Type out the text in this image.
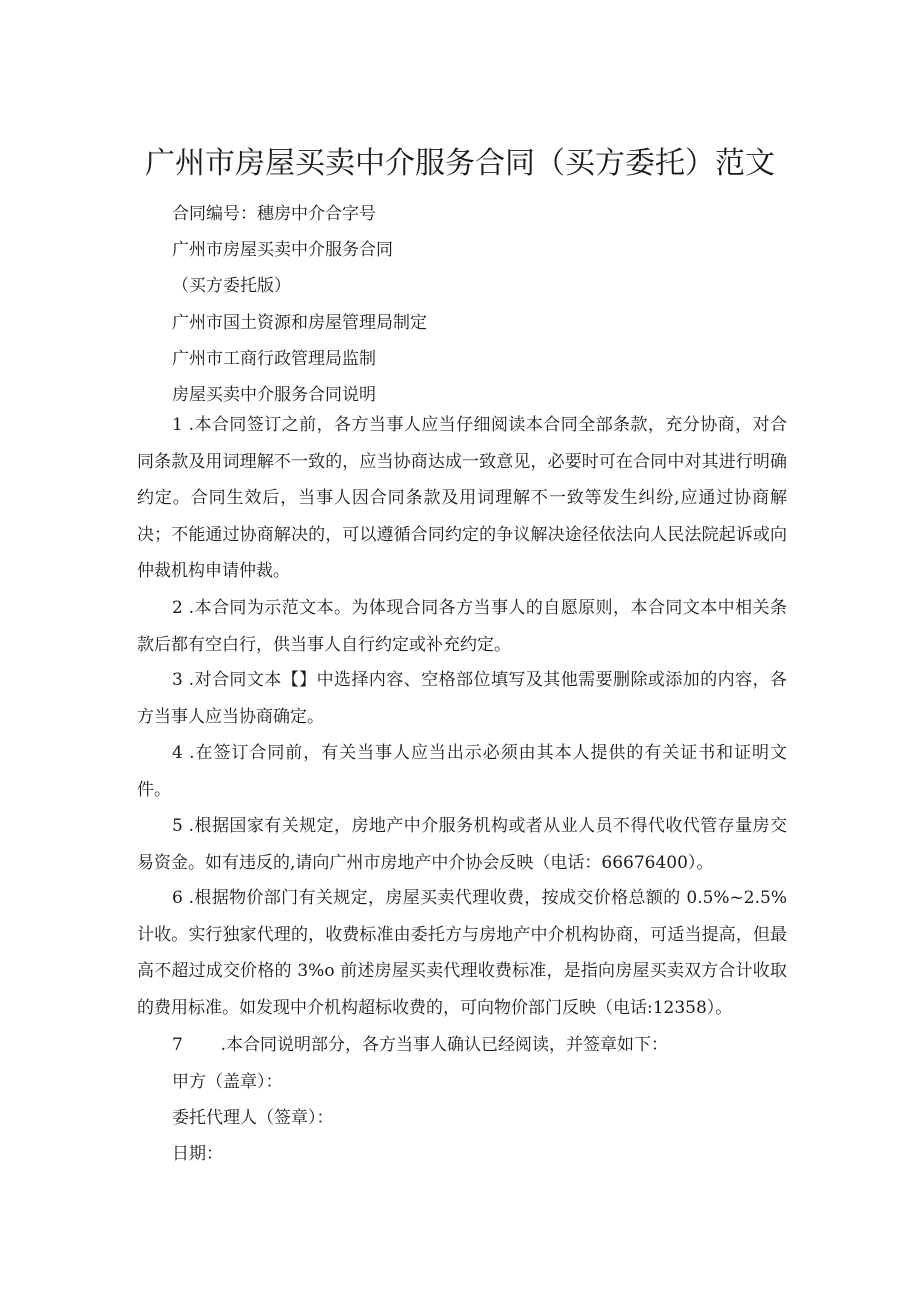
广州市房屋买卖中介服务合同（买方委托）范文
合同编号：穗房中介合字号
广州市房屋买卖中介服务合同
（买方委托版）
广州市国土资源和房屋管理局制定
广州市工商行政管理局监制
房屋买卖中介服务合同说明
1 .本合同签订之前，各方当事人应当仔细阅读本合同全部条款，充分协商，对合同条款及用词理解不一致的，应当协商达成一致意见，必要时可在合同中对其进行明确约定。合同生效后，当事人因合同条款及用词理解不一致等发生纠纷,应通过协商解决；不能通过协商解决的，可以遵循合同约定的争议解决途径依法向人民法院起诉或向仲裁机构申请仲裁。
2 .本合同为示范文本。为体现合同各方当事人的自愿原则，本合同文本中相关条款后都有空白行，供当事人自行约定或补充约定。
3 .对合同文本【】中选择内容、空格部位填写及其他需要删除或添加的内容，各方当事人应当协商确定。
4 .在签订合同前，有关当事人应当出示必须由其本人提供的有关证书和证明文件。
5 .根据国家有关规定，房地产中介服务机构或者从业人员不得代收代管存量房交易资金。如有违反的,请向广州市房地产中介协会反映（电话：66676400）。
6 .根据物价部门有关规定，房屋买卖代理收费，按成交价格总额的 0.5%~2.5%计收。实行独家代理的，收费标准由委托方与房地产中介机构协商，可适当提高，但最高不超过成交价格的 3%o 前述房屋买卖代理收费标准，是指向房屋买卖双方合计收取的费用标准。如发现中介机构超标收费的，可向物价部门反映（电话:12358）。
7       .本合同说明部分，各方当事人确认已经阅读，并签章如下：
甲方（盖章）：
委托代理人（签章）：
日期：
